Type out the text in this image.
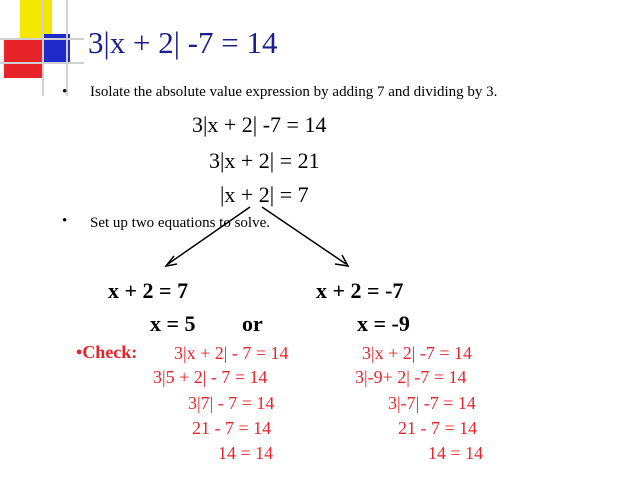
3|x + 2| -7 = 14
• Isolate the absolute value expression by adding 7 and dividing by 3.
3|x + 2| -7 = 14
3|x + 2| = 21
|x + 2| = 7
• Set up two equations to solve.
x + 2 = 7	x + 2 = -7
x = 5 or	x = -9
•Check: 3|x + 2| - 7 = 14
3|5 + 2| - 7 = 14
3|7| - 7 = 14
21 - 7 = 14
14 = 14
3|x + 2| -7 = 14
3|-9+ 2| -7 = 14
3|-7| -7 = 14
21 - 7 = 14
14 = 14
